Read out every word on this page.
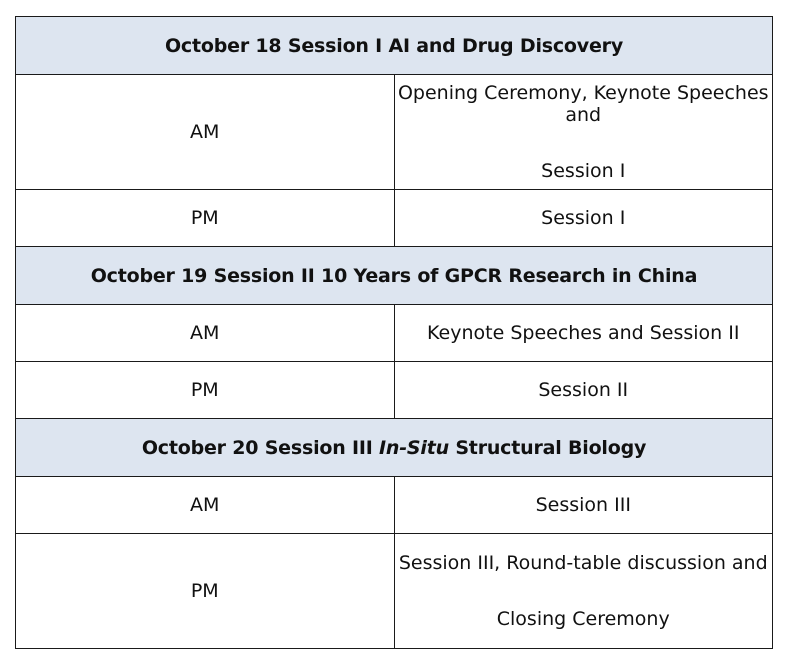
October 18 Session I AI and Drug Discovery	
AM	Opening Ceremony, Keynote Speeches and
Session I

PM	Session I

October 19 Session II 10 Years of GPCR Research in China	
AM	Keynote Speeches and Session II

PM	Session II

October 20 Session III In-Situ Structural Biology	
AM	Session III

PM	Session III, Round-table discussion and
Closing Ceremony
